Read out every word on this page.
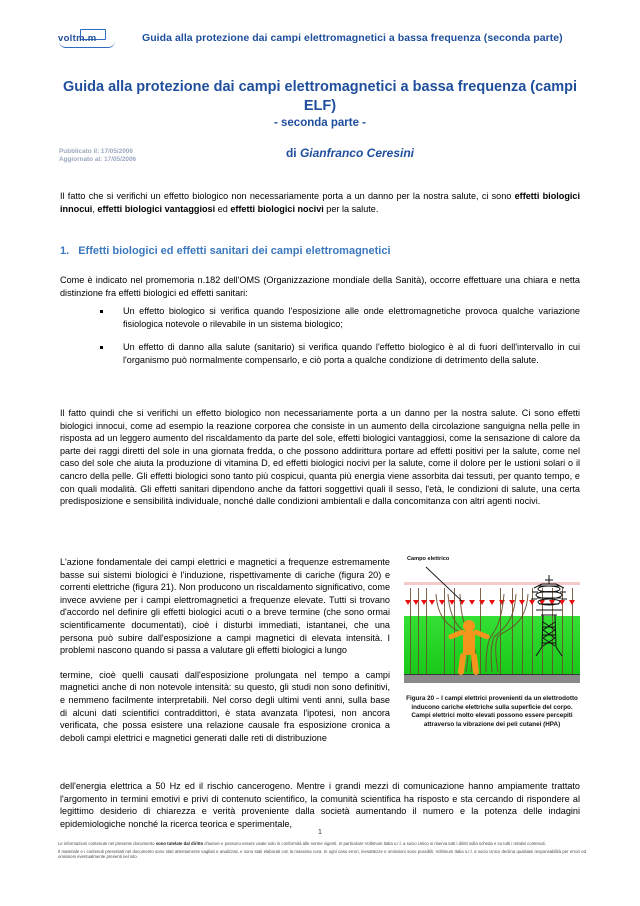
volt m.m	Guida alla protezione dai campi elettromagnetici a bassa frequenza (seconda parte)
Guida alla protezione dai campi elettromagnetici a bassa frequenza (campi ELF)
- seconda parte -
Pubblicato il: 17/05/2006
Aggiornato al: 17/05/2006	di Gianfranco Ceresini
Il fatto che si verifichi un effetto biologico non necessariamente porta a un danno per la nostra salute, ci sono effetti biologici innocui, effetti biologici vantaggiosi ed effetti biologici nocivi per la salute.
1. Effetti biologici ed effetti sanitari dei campi elettromagnetici
Come è indicato nel promemoria n.182 dell'OMS (Organizzazione mondiale della Sanità), occorre effettuare una chiara e netta distinzione fra effetti biologici ed effetti sanitari:
Un effetto biologico si verifica quando l'esposizione alle onde elettromagnetiche provoca qualche variazione fisiologica notevole o rilevabile in un sistema biologico;
Un effetto di danno alla salute (sanitario) si verifica quando l'effetto biologico è al di fuori dell'intervallo in cui l'organismo può normalmente compensarlo, e ciò porta a qualche condizione di detrimento della salute.
Il fatto quindi che si verifichi un effetto biologico non necessariamente porta a un danno per la nostra salute. Ci sono effetti biologici innocui, come ad esempio la reazione corporea che consiste in un aumento della circolazione sanguigna nella pelle in risposta ad un leggero aumento del riscaldamento da parte del sole, effetti biologici vantaggiosi, come la sensazione di calore da parte dei raggi diretti del sole in una giornata fredda, o che possono addirittura portare ad effetti positivi per la salute, come nel caso del sole che aiuta la produzione di vitamina D, ed effetti biologici nocivi per la salute, come il dolore per le ustioni solari o il cancro della pelle. Gli effetti biologici sono tanto più cospicui, quanta più energia viene assorbita dai tessuti, per quanto tempo, e con quali modalità. Gli effetti sanitari dipendono anche da fattori soggettivi quali il sesso, l'età, le condizioni di salute, una certa predisposizione e sensibilità individuale, nonché dalle condizioni ambientali e dalla concomitanza con altri agenti nocivi.

L'azione fondamentale dei campi elettrici e magnetici a frequenze estremamente basse sui sistemi biologici è l'induzione, rispettivamente di cariche (figura 20) e correnti elettriche (figura 21). Non producono un riscaldamento significativo, come invece avviene per i campi elettromagnetici a frequenze elevate. Tutti si trovano d'accordo nel definire gli effetti biologici acuti o a breve termine (che sono ormai scientificamente documentati), cioè i disturbi immediati, istantanei, che una persona può subire dall'esposizione a campi magnetici di elevata intensità. I problemi nascono quando si passa a valutare gli effetti biologici a lungo

termine, cioè quelli causati dall'esposizione prolungata nel tempo a campi magnetici anche di non notevole intensità: su questo, gli studi non sono definitivi, e nemmeno facilmente interpretabili. Nel corso degli ultimi venti anni, sulla base di alcuni dati scientifici contraddittori, è stata avanzata l'ipotesi, non ancora verificata, che possa esistere una relazione causale fra esposizione cronica a deboli campi elettrici e magnetici generati dalle reti di distribuzione

Campo elettrico
Figura 20 – I campi elettrici provenienti da un elettrodotto inducono cariche elettriche sulla superficie del corpo. Campi elettrici molto elevati possono essere percepiti attraverso la vibrazione dei peli cutanei (HPA)
dell'energia elettrica a 50 Hz ed il rischio cancerogeno. Mentre i grandi mezzi di comunicazione hanno ampiamente trattato l'argomento in termini emotivi e privi di contenuto scientifico, la comunità scientifica ha risposto e sta cercando di rispondere al legittimo desiderio di chiarezza e verità proveniente dalla società aumentando il numero e la potenza delle indagini epidemiologiche nonché la ricerca teorica e sperimentale,
1

Le informazioni contenute nel presente documento sono tutelate dal diritto d'autore e possono essere usate solo in conformità alle norme vigenti. In particolare Voltimum Italia s.r.l. a socio Unico si riserva tutti i diritti sulla scheda e su tutti i relativi contenuti.

Il materiale e i contenuti presentati nel documento sono stati attentamente vagliati e analizzati, e sono stati elaborati con la massima cura. In ogni caso errori, inesattezze e omissioni sono possibili. Voltimum Italia s.r.l. a socio Unico declina qualsiasi responsabilità per errori ed omissioni eventualmente presenti nel sito.
